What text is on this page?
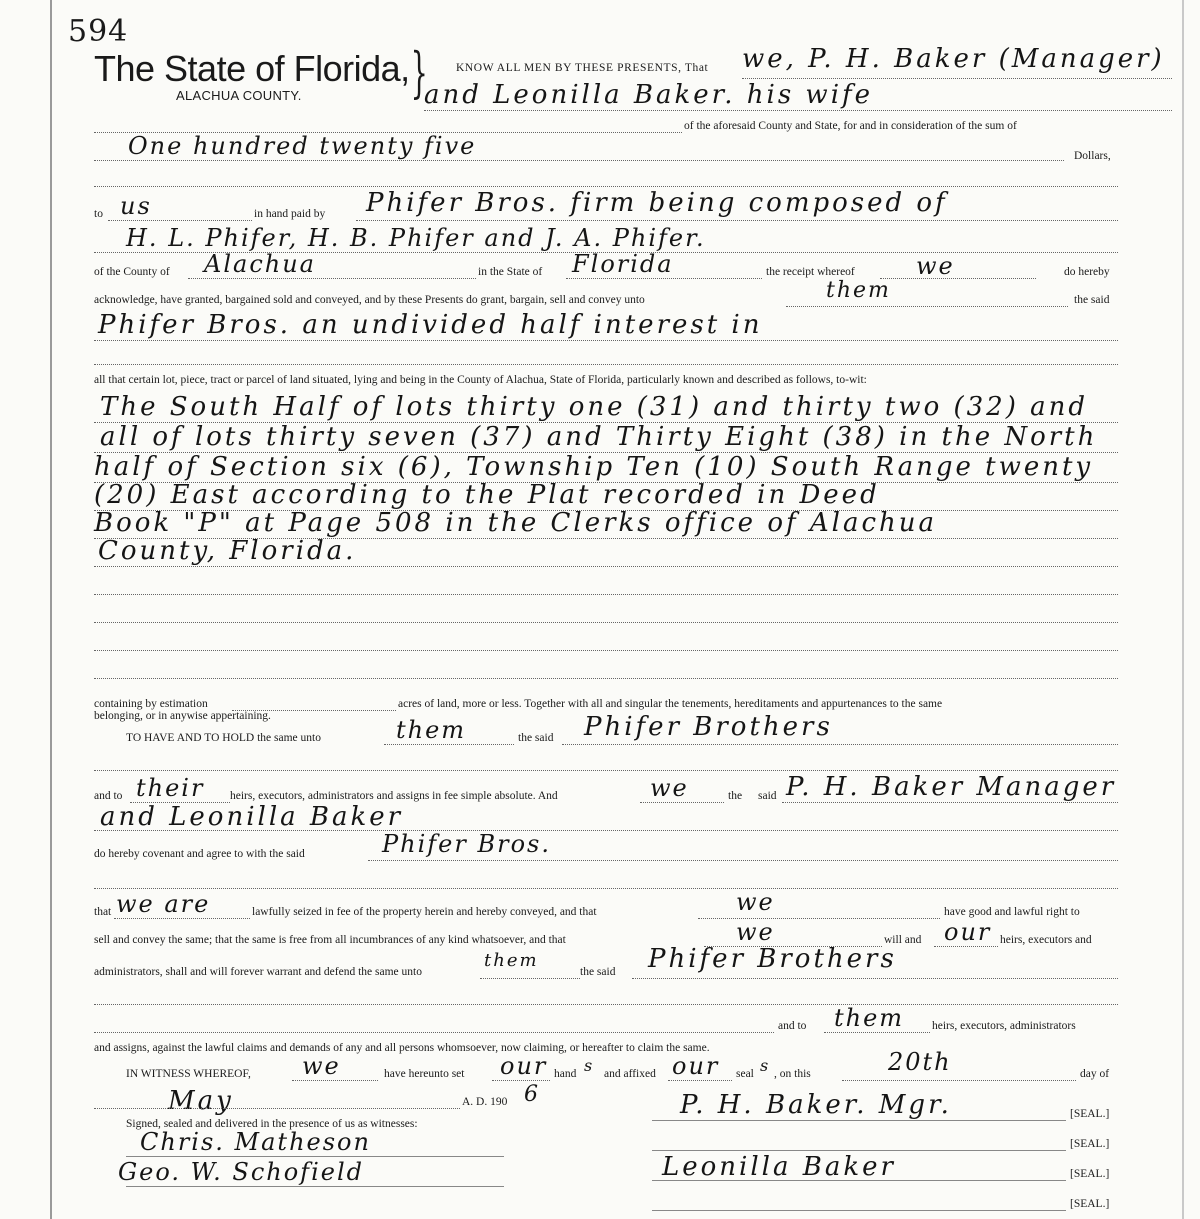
594
The State of Florida,
ALACHUA COUNTY. } KNOW ALL MEN BY THESE PRESENTS, That we, P. H. Baker (Manager)
and Leonilla Baker. his wife
of the aforesaid County and State, for and in consideration of the sum of
One hundred twenty five	Dollars,
to us	in hand paid by Phifer Bros. firm being composed of
H. L. Phifer, H. B. Phifer and J. A. Phifer.
of the County of Alachua	in the State of Florida	the receipt whereof	we	do hereby
acknowledge, have granted, bargained sold and conveyed, and by these Presents do grant, bargain, sell and convey unto	them	the said
Phifer Bros. an undivided half interest in
all that certain lot, piece, tract or parcel of land situated, lying and being in the County of Alachua, State of Florida, particularly known and described as follows, to-wit:
The South Half of lots thirty one (31) and thirty two (32) and
all of lots thirty seven (37) and Thirty Eight (38) in the North
half of Section six (6), Township Ten (10) South Range twenty
(20) East according to the Plat recorded in Deed
Book "P" at Page 508 in the Clerks office of Alachua
County, Florida.
containing by estimation	acres of land, more or less. Together with all and singular the tenements, hereditaments and appurtenances to the same
belonging, or in anywise appertaining.
TO HAVE AND TO HOLD the same unto	them	the said Phifer Brothers
and to their heirs, executors, administrators and assigns in fee simple absolute. And	we	the said P. H. Baker Manager
and Leonilla Baker
do hereby covenant and agree to with the said	Phifer Bros.
that we are	lawfully seized in fee of the property herein and hereby conveyed, and that	we	have good and lawful right to
sell and convey the same; that the same is free from all incumbrances of any kind whatsoever, and that	we	will and our heirs, executors and
administrators, shall and will forever warrant and defend the same unto
them
the said Phifer Brothers
and to them heirs, executors, administrators
and assigns, against the lawful claims and demands of any and all persons whomsoever, now claiming, or hereafter to claim the same.
IN WITNESS WHEREOF, we	have hereunto set our hand s and affixed our seal s , on this	20th	day of
May	A. D. 190 6
Signed, sealed and delivered in the presence of us as witnesses:
Chris. Matheson
Geo. W. Schofield
P. H. Baker. Mgr.	[SEAL.]
[SEAL.]
Leonilla Baker	[SEAL.]
[SEAL.]
